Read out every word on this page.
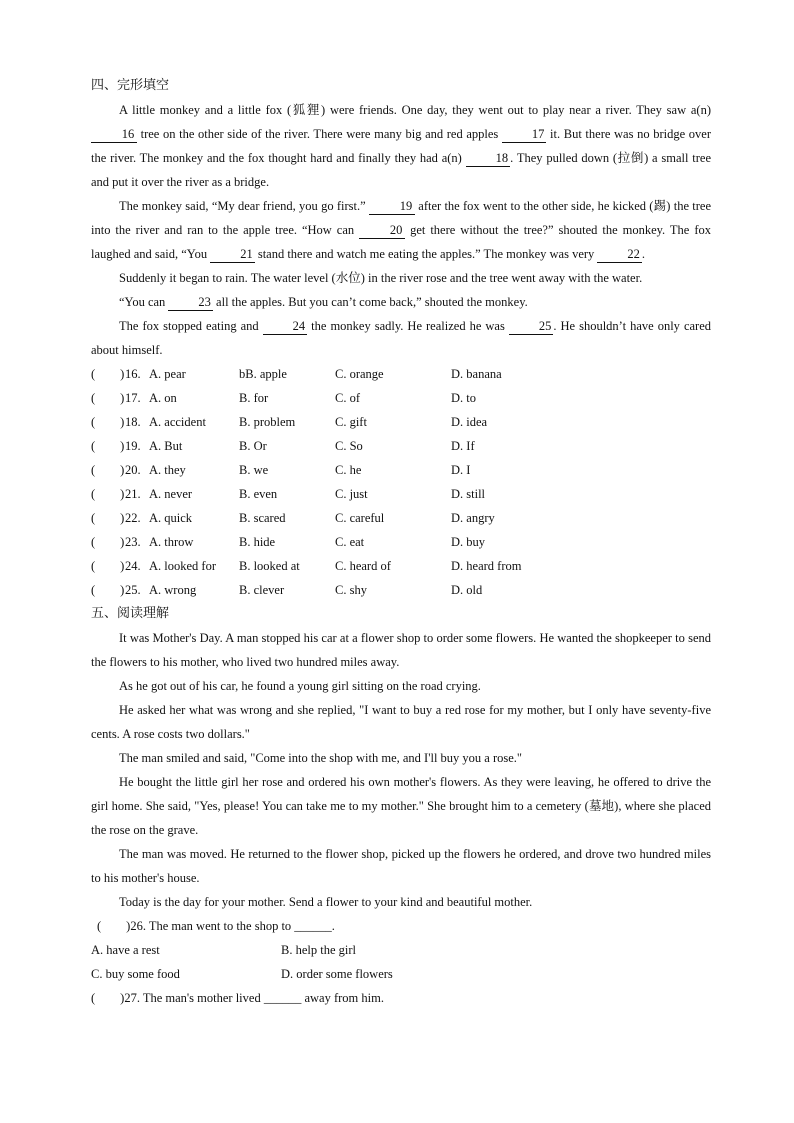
四、完形填空

A little monkey and a little fox (狐狸) were friends. One day, they went out to play near a river. They saw a(n) 16 tree on the other side of the river. There were many big and red apples 17 it. But there was no bridge over the river. The monkey and the fox thought hard and finally they had a(n) 18 . They pulled down (拉倒) a small tree and put it over the river as a bridge.

The monkey said, “My dear friend, you go first.” 19 after the fox went to the other side, he kicked (踢) the tree into the river and ran to the apple tree. “How can 20 get there without the tree?” shouted the monkey. The fox laughed and said, “You 21 stand there and watch me eating the apples.” The monkey was very 22 .

Suddenly it began to rain. The water level (水位) in the river rose and the tree went away with the water.

“You can 23 all the apples. But you can’t come back,” shouted the monkey.

The fox stopped eating and 24 the monkey sadly. He realized he was 25 . He shouldn’t have only cared about himself.

(  ) 16. A. pear	bB. apple	C. orange	D. banana
(  ) 17. A. on	B. for	C. of	D. to
(  ) 18. A. accident	B. problem	C. gift	D. idea
(  ) 19. A. But	B. Or	C. So	D. If
(  ) 20. A. they	B. we	C. he	D. I
(  ) 21. A. never	B. even	C. just	D. still
(  ) 22. A. quick	B. scared	C. careful	D. angry
(  ) 23. A. throw	B. hide	C. eat	D. buy
(  ) 24. A. looked for B. looked at	C. heard of	D. heard from
(  ) 25. A. wrong	B. clever	C. shy	D. old
五、阅读理解

It was Mother's Day. A man stopped his car at a flower shop to order some flowers. He wanted the shopkeeper to send the flowers to his mother, who lived two hundred miles away.

As he got out of his car, he found a young girl sitting on the road crying.

He asked her what was wrong and she replied, "I want to buy a red rose for my mother, but I only have seventy-five cents. A rose costs two dollars."

The man smiled and said, "Come into the shop with me, and I'll buy you a rose."

He bought the little girl her rose and ordered his own mother's flowers. As they were leaving, he offered to drive the girl home. She said, "Yes, please! You can take me to my mother." She brought him to a cemetery (墓地), where she placed the rose on the grave.

The man was moved. He returned to the flower shop, picked up the flowers he ordered, and drove two hundred miles to his mother's house.

Today is the day for your mother. Send a flower to your kind and beautiful mother.

(  )26. The man went to the shop to ______.
A. have a rest	B. help the girl
C. buy some food	D. order some flowers
(  )27. The man's mother lived ______ away from him.
